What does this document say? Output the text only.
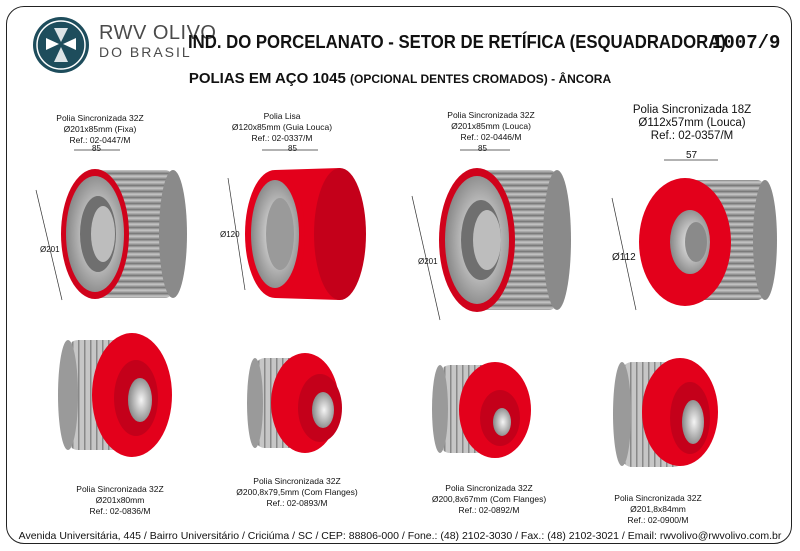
RWV OLIVO
DO BRASIL
IND. DO PORCELANATO - SETOR DE RETÍFICA (ESQUADRADORA)
I007/9
POLIAS EM AÇO 1045 (OPCIONAL DENTES CROMADOS) - ÂNCORA
Polia Sincronizada 32Z
Ø201x85mm (Fixa)
Ref.: 02-0447/M
Polia Lisa
Ø120x85mm (Guia Louca)
Ref.: 02-0337/M
Polia Sincronizada 32Z
Ø201x85mm (Louca)
Ref.: 02-0446/M
Polia Sincronizada 18Z
Ø112x57mm (Louca)
Ref.: 02-0357/M
85
Ø201
85
Ø120
85
Ø201
57
Ø112
Polia Sincronizada 32Z
Ø201x80mm
Ref.: 02-0836/M
Polia Sincronizada 32Z
Ø200,8x79,5mm (Com Flanges)
Ref.: 02-0893/M
Polia Sincronizada 32Z
Ø200,8x67mm (Com Flanges)
Ref.: 02-0892/M
Polia Sincronizada 32Z
Ø201,8x84mm
Ref.: 02-0900/M
Avenida Universitária, 445 / Bairro Universitário / Criciúma / SC / CEP: 88806-000 / Fone.: (48) 2102-3030 / Fax.: (48) 2102-3021 / Email: rwvolivo@rwvolivo.com.br
